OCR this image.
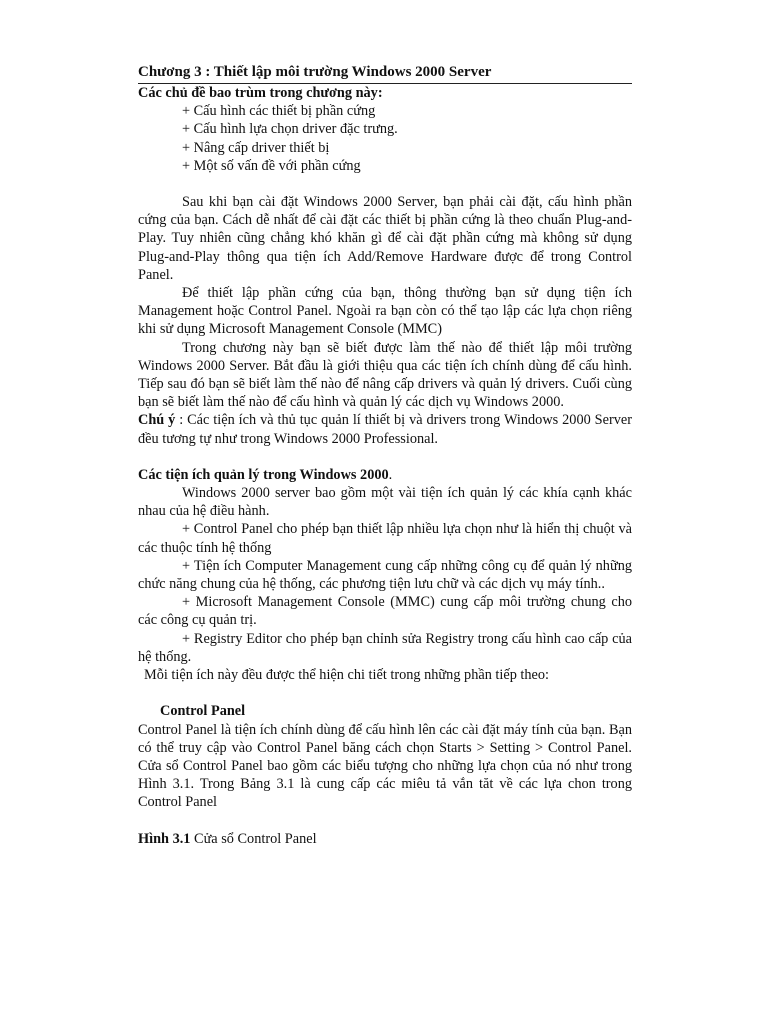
Chương 3 : Thiết lập môi trường Windows 2000 Server

Các chủ đề bao trùm trong chương này:

+ Cấu hình các thiết bị phần cứng

+ Cấu hình lựa chọn driver đặc trưng.

+ Nâng cấp driver thiết bị

+ Một số vấn đề với phần cứng

Sau khi bạn cài đặt Windows 2000 Server, bạn phải cài đặt, cấu hình phần cứng của bạn. Cách dễ nhất để cài đặt các thiết bị phần cứng là theo chuẩn Plug-and-Play. Tuy nhiên cũng chẳng khó khăn gì để cài đặt phần cứng mà không sử dụng Plug-and-Play thông qua tiện ích Add/Remove Hardware được để trong Control Panel.

Để thiết lập phần cứng của bạn, thông thường bạn sử dụng tiện ích Management hoặc Control Panel. Ngoài ra bạn còn có thể tạo lập các lựa chọn riêng khi sử dụng Microsoft Management Console (MMC)

Trong chương này bạn sẽ biết được làm thế nào để thiết lập môi trường Windows 2000 Server. Bắt đầu là giới thiệu qua các tiện ích chính dùng để cấu hình. Tiếp sau đó bạn sẽ biết làm thế nào để nâng cấp drivers và quản lý drivers. Cuối cùng bạn sẽ biết làm thế nào để cấu hình và quản lý các dịch vụ Windows 2000.

Chú ý : Các tiện ích và thủ tục quản lí thiết bị và drivers trong Windows 2000 Server đều tương tự như trong Windows 2000 Professional.

Các tiện ích quản lý trong Windows 2000.

Windows 2000 server bao gồm một vài tiện ích quản lý các khía cạnh khác nhau của hệ điều hành.

+ Control Panel cho phép bạn thiết lập nhiều lựa chọn như là hiển thị chuột và các thuộc tính hệ thống

+ Tiện ích Computer Management cung cấp những công cụ để quản lý những chức năng chung của hệ thống, các phương tiện lưu chữ và các dịch vụ máy tính..

+ Microsoft Management Console (MMC) cung cấp môi trường chung cho các công cụ quản trị.

+ Registry Editor cho phép bạn chỉnh sửa Registry trong cấu hình cao cấp của hệ thống.

Mỗi tiện ích này đều được thể hiện chi tiết trong những phần tiếp theo:

Control Panel

Control Panel là tiện ích chính dùng để cấu hình lên các cài đặt máy tính của bạn. Bạn có thể truy cập vào Control Panel băng cách chọn Starts > Setting > Control Panel. Cửa sổ Control Panel bao gồm các biểu tượng cho những lựa chọn của nó như trong Hình 3.1. Trong Bảng 3.1 là cung cấp các miêu tả vắn tăt về các lựa chon trong Control Panel

Hình 3.1 Cửa sổ Control Panel
